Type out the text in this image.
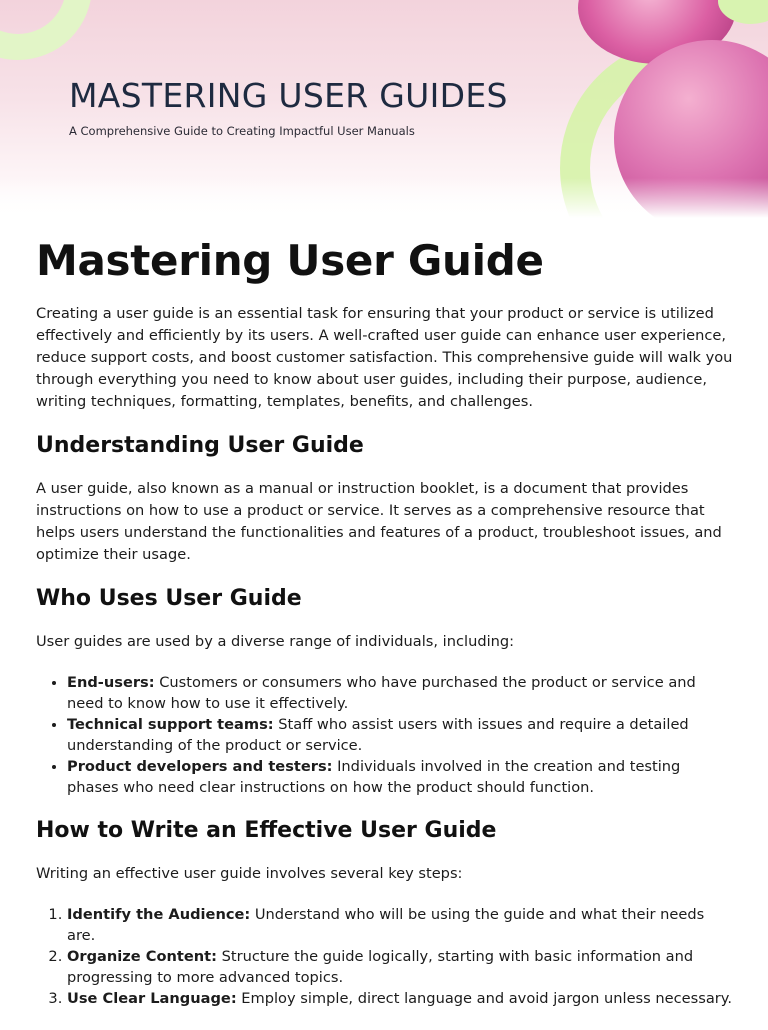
MASTERING USER GUIDES
A Comprehensive Guide to Creating Impactful User Manuals
Mastering User Guide

Creating a user guide is an essential task for ensuring that your product or service is utilized effectively and efficiently by its users. A well-crafted user guide can enhance user experience, reduce support costs, and boost customer satisfaction. This comprehensive guide will walk you through everything you need to know about user guides, including their purpose, audience, writing techniques, formatting, templates, benefits, and challenges.

Understanding User Guide

A user guide, also known as a manual or instruction booklet, is a document that provides instructions on how to use a product or service. It serves as a comprehensive resource that helps users understand the functionalities and features of a product, troubleshoot issues, and optimize their usage.

Who Uses User Guide

User guides are used by a diverse range of individuals, including:

• End-users: Customers or consumers who have purchased the product or service and need to know how to use it effectively.
• Technical support teams: Staff who assist users with issues and require a detailed understanding of the product or service.
• Product developers and testers: Individuals involved in the creation and testing phases who need clear instructions on how the product should function.
How to Write an Effective User Guide

Writing an effective user guide involves several key steps:

1. Identify the Audience: Understand who will be using the guide and what their needs are.
2. Organize Content: Structure the guide logically, starting with basic information and progressing to more advanced topics.
3. Use Clear Language: Employ simple, direct language and avoid jargon unless necessary.
